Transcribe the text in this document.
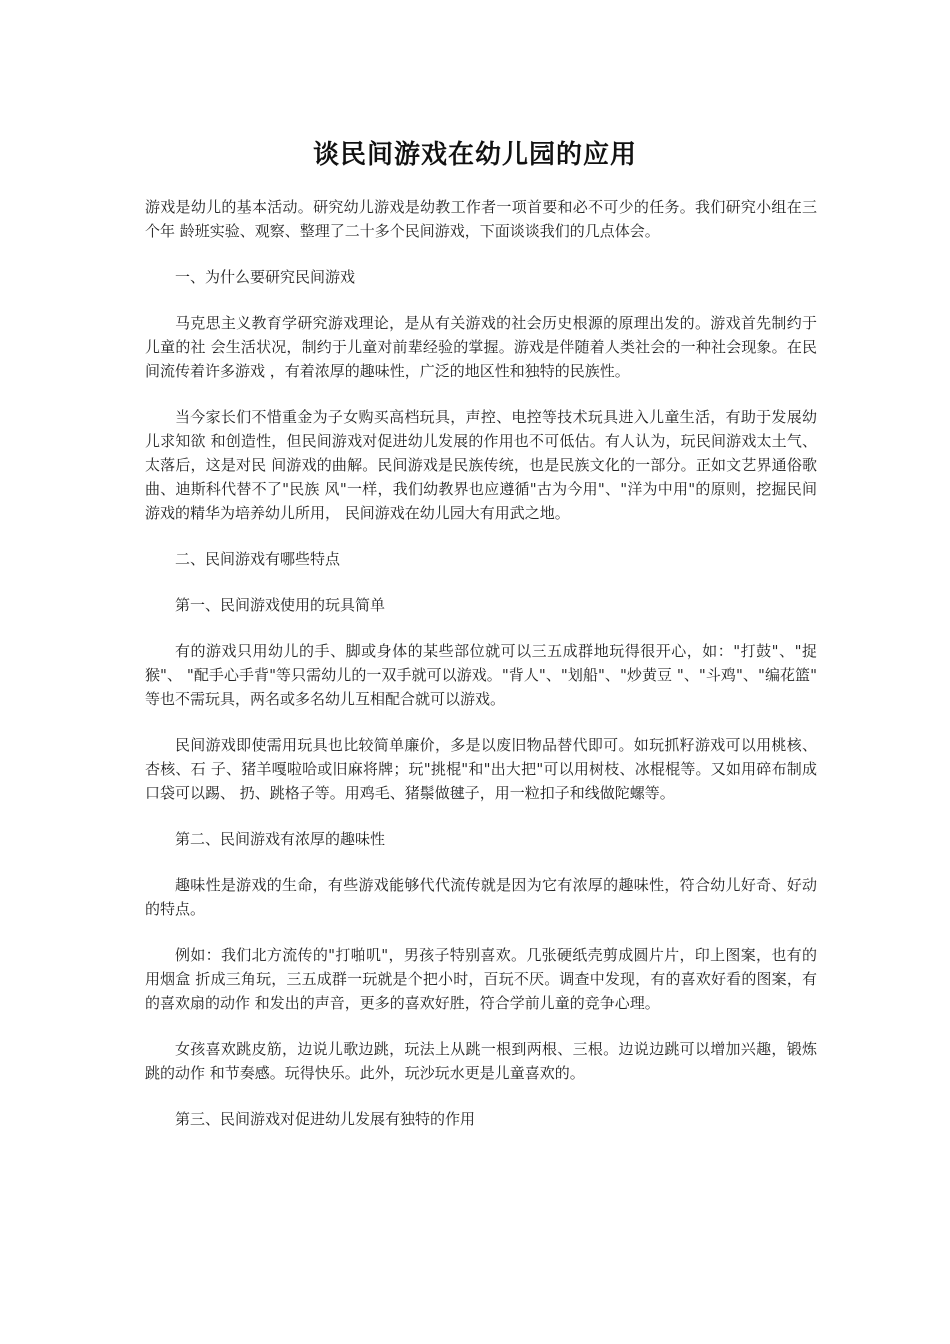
谈民间游戏在幼儿园的应用

游戏是幼儿的基本活动。研究幼儿游戏是幼教工作者一项首要和必不可少的任务。我们研究小组在三个年 龄班实验、观察、整理了二十多个民间游戏，下面谈谈我们的几点体会。

一、为什么要研究民间游戏

马克思主义教育学研究游戏理论，是从有关游戏的社会历史根源的原理出发的。游戏首先制约于儿童的社 会生活状况，制约于儿童对前辈经验的掌握。游戏是伴随着人类社会的一种社会现象。在民间流传着许多游戏 ，有着浓厚的趣味性，广泛的地区性和独特的民族性。

当今家长们不惜重金为子女购买高档玩具，声控、电控等技术玩具进入儿童生活，有助于发展幼儿求知欲 和创造性，但民间游戏对促进幼儿发展的作用也不可低估。有人认为，玩民间游戏太土气、太落后，这是对民 间游戏的曲解。民间游戏是民族传统，也是民族文化的一部分。正如文艺界通俗歌曲、迪斯科代替不了"民族 风"一样，我们幼教界也应遵循"古为今用"、"洋为中用"的原则，挖掘民间游戏的精华为培养幼儿所用， 民间游戏在幼儿园大有用武之地。

二、民间游戏有哪些特点

第一、民间游戏使用的玩具简单

有的游戏只用幼儿的手、脚或身体的某些部位就可以三五成群地玩得很开心，如："打鼓"、"捉猴"、 "配手心手背"等只需幼儿的一双手就可以游戏。"背人"、"划船"、"炒黄豆 "、"斗鸡"、"编花篮" 等也不需玩具，两名或多名幼儿互相配合就可以游戏。

民间游戏即使需用玩具也比较简单廉价，多是以废旧物品替代即可。如玩抓籽游戏可以用桃核、杏核、石 子、猪羊嘎啦哈或旧麻将牌；玩"挑棍"和"出大把"可以用树枝、冰棍棍等。又如用碎布制成口袋可以踢、 扔、跳格子等。用鸡毛、猪鬃做毽子，用一粒扣子和线做陀螺等。

第二、民间游戏有浓厚的趣味性

趣味性是游戏的生命，有些游戏能够代代流传就是因为它有浓厚的趣味性，符合幼儿好奇、好动的特点。

例如：我们北方流传的"打啪叽"，男孩子特别喜欢。几张硬纸壳剪成圆片片，印上图案，也有的用烟盒 折成三角玩，三五成群一玩就是个把小时，百玩不厌。调查中发现，有的喜欢好看的图案，有的喜欢扇的动作 和发出的声音，更多的喜欢好胜，符合学前儿童的竞争心理。

女孩喜欢跳皮筋，边说儿歌边跳，玩法上从跳一根到两根、三根。边说边跳可以增加兴趣，锻炼跳的动作 和节奏感。玩得快乐。此外，玩沙玩水更是儿童喜欢的。

第三、民间游戏对促进幼儿发展有独特的作用
